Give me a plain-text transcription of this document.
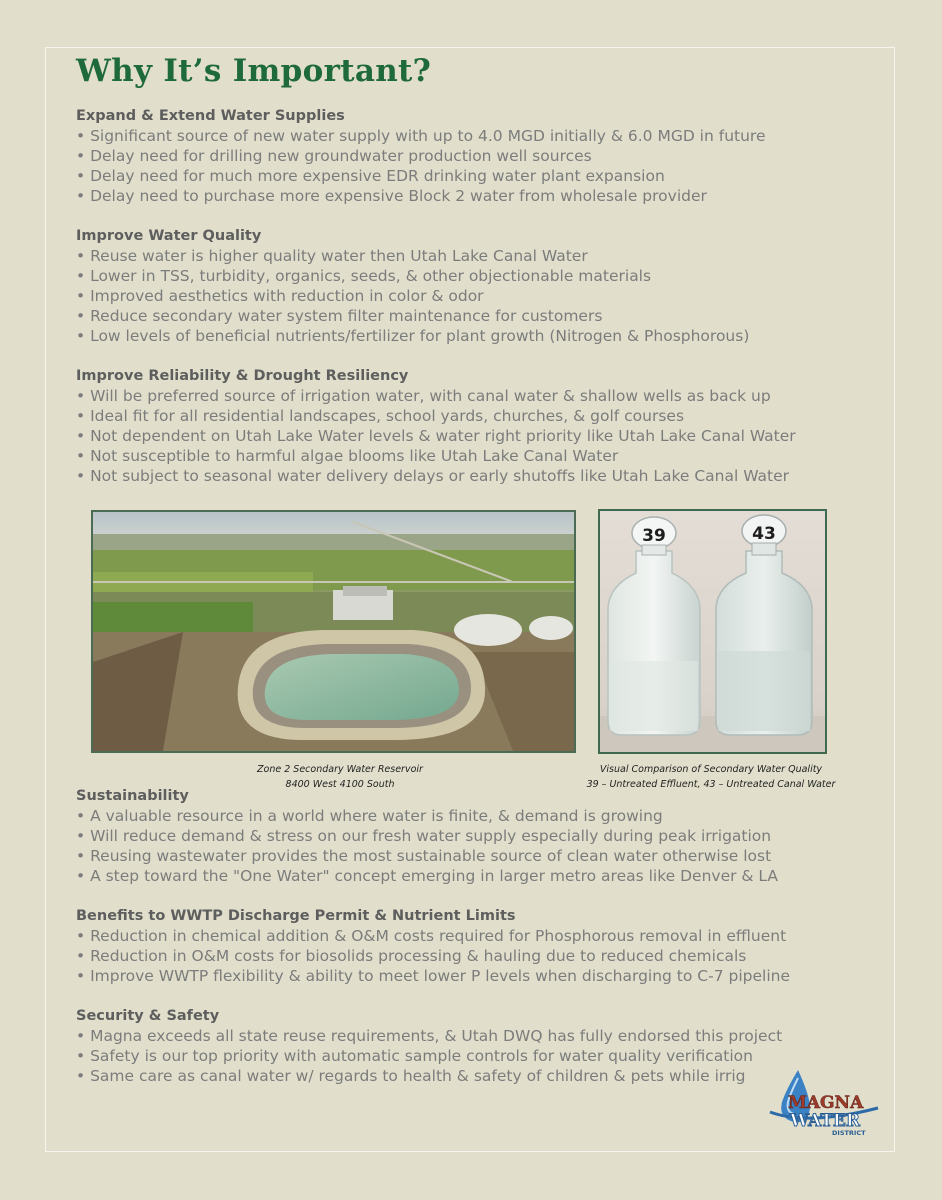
Why It’s Important?
Expand & Extend Water Supplies
• Significant source of new water supply with up to 4.0 MGD initially & 6.0 MGD in future
• Delay need for drilling new groundwater production well sources
• Delay need for much more expensive EDR drinking water plant expansion
• Delay need to purchase more expensive Block 2 water from wholesale provider
Improve Water Quality
• Reuse water is higher quality water then Utah Lake Canal Water
• Lower in TSS, turbidity, organics, seeds, & other objectionable materials
• Improved aesthetics with reduction in color & odor
• Reduce secondary water system filter maintenance for customers
• Low levels of beneficial nutrients/fertilizer for plant growth (Nitrogen & Phosphorous)
Improve Reliability & Drought Resiliency
• Will be preferred source of irrigation water, with canal water & shallow wells as back up
• Ideal fit for all residential landscapes, school yards, churches, & golf courses
• Not dependent on Utah Lake Water levels & water right priority like Utah Lake Canal Water
• Not susceptible to harmful algae blooms like Utah Lake Canal Water
• Not subject to seasonal water delivery delays or early shutoffs like Utah Lake Canal Water
Zone 2 Secondary Water Reservoir
8400 West 4100 South
39	43
Visual Comparison of Secondary Water Quality
39 – Untreated Effluent, 43 – Untreated Canal Water
Sustainability
• A valuable resource in a world where water is finite, & demand is growing
• Will reduce demand & stress on our fresh water supply especially during peak irrigation
• Reusing wastewater provides the most sustainable source of clean water otherwise lost
• A step toward the "One Water" concept emerging in larger metro areas like Denver & LA
Benefits to WWTP Discharge Permit & Nutrient Limits
• Reduction in chemical addition & O&M costs required for Phosphorous removal in effluent
• Reduction in O&M costs for biosolids processing & hauling due to reduced chemicals
• Improve WWTP flexibility & ability to meet lower P levels when discharging to C-7 pipeline
Security & Safety
• Magna exceeds all state reuse requirements, & Utah DWQ has fully endorsed this project
• Safety is our top priority with automatic sample controls for water quality verification
• Same care as canal water w/ regards to health & safety of children & pets while irrig
MAGNA
WATER
DISTRICT
